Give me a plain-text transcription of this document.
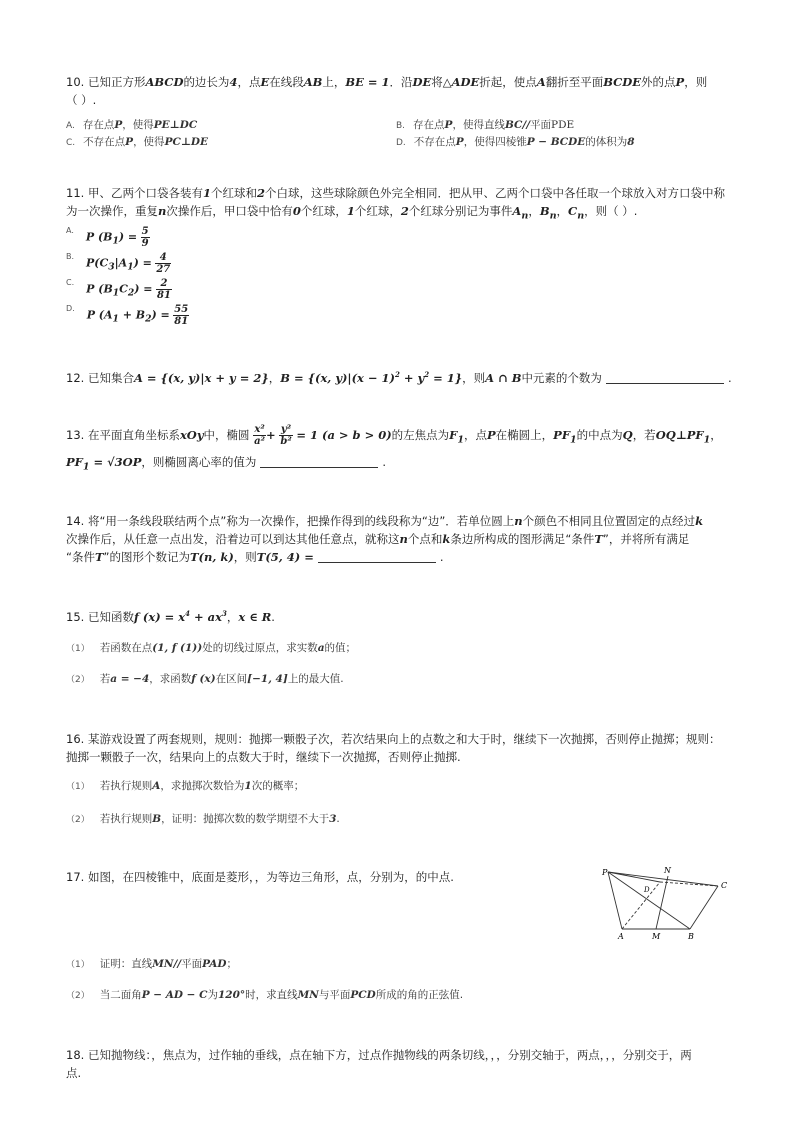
10. 已知正方形ABCD的边长为4，点E在线段AB上，BE = 1．沿DE将△ADE折起，使点A翻折至平面BCDE外的点P，则
（ ）.
A. 存在点P，使得PE⊥DC	B. 存在点P，使得直线BC//平面PDE
C. 不存在点P，使得PC⊥DE	D. 不存在点P，使得四棱锥P − BCDE的体积为8
11. 甲、乙两个口袋各装有1个红球和2个白球，这些球除颜色外完全相同．把从甲、乙两个口袋中各任取一个球放入对方口袋中称
为一次操作，重复n次操作后，甲口袋中恰有0个红球，1个红球，2个红球分别记为事件$A_n$，$B_n$，$C_n$，则（ ）.
$^{A.}$ P $(B_1) = \frac{5}{9}$
$^{B.}$ $P(C_3|A_1) = \frac{4}{27}$
$^{C.}$ P $(B_1C_2) = \frac{2}{81}$
$^{D.}$ P $(A_1 + B_2) = \frac{55}{81}$
12. 已知集合A = {(x, y)|x + y = 2}，B = {(x, $y)|(x - 1)^2 + y^2 = 1$}，则A ∩ B中元素的个数为	.
13. 在平面直角坐标系xOy中，椭圆 $\frac{\text{x²}}{\text{a²}} + \frac{\text{y²}}{\text{b²}} = 1$ (a > b > 0)的左焦点为$F_1$，点P在椭圆上，$PF_1$的中点为Q，若$OQ\perp PF_1$，
$PF_1 = √3OP$，则椭圆离心率的值为	.
14. 将“用一条线段联结两个点”称为一次操作，把操作得到的线段称为“边”．若单位圆上n个颜色不相同且位置固定的点经过k
次操作后，从任意一点出发，沿着边可以到达其他任意点，就称这n个点和k条边所构成的图形满足“条件T”，并将所有满足
“条件T”的图形个数记为T(n, k)，则T(5, 4) =	.
15. 已知函数f $(x) = x^4 + ax^3$，x ∈ R.
（1） 若函数在点(1, f (1))处的切线过原点，求实数a的值；
（2） 若a = −4，求函数f (x)在区间[−1, 4]上的最大值.
16. 某游戏设置了两套规则，规则：抛掷一颗骰子次，若次结果向上的点数之和大于时，继续下一次抛掷，否则停止抛掷；规则：
抛掷一颗骰子一次，结果向上的点数大于时，继续下一次抛掷，否则停止抛掷.
（1） 若执行规则A，求抛掷次数恰为1次的概率；
（2） 若执行规则B，证明：抛掷次数的数学期望不大于3.
17. 如图，在四棱锥中，底面是菱形，，为等边三角形，点，分别为，的中点.	P	N
C
D
A	M	B
（1） 证明：直线MN//平面PAD；
（2） 当二面角P − AD − C为120°时，求直线MN与平面PCD所成的角的正弦值.
18. 已知抛物线：，焦点为，过作轴的垂线，点在轴下方，过点作抛物线的两条切线，，，分别交轴于，两点，，，分别交于，两
点.
